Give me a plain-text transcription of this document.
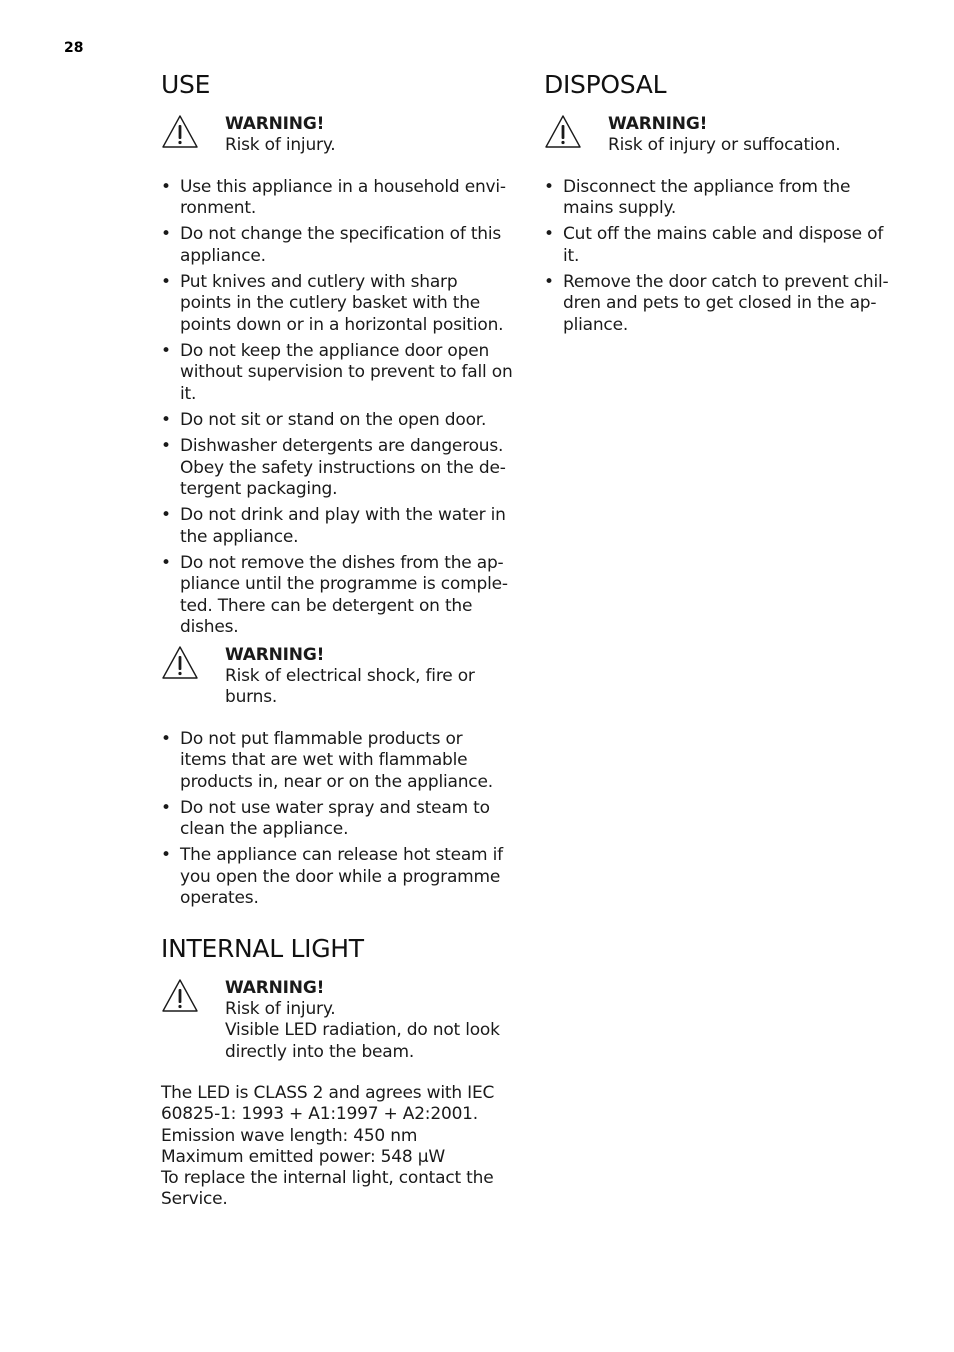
28
USE
WARNING!
Risk of injury.
• Use this appliance in a household envi-ronment.
• Do not change the specification of this appliance.
• Put knives and cutlery with sharp points in the cutlery basket with the points down or in a horizontal position.
• Do not keep the appliance door open without supervision to prevent to fall on it.
• Do not sit or stand on the open door.
• Dishwasher detergents are dangerous. Obey the safety instructions on the de-tergent packaging.
• Do not drink and play with the water in the appliance.
• Do not remove the dishes from the ap-pliance until the programme is comple-ted. There can be detergent on the dishes.
WARNING!
Risk of electrical shock, fire or burns.
• Do not put flammable products or items that are wet with flammable products in, near or on the appliance.
• Do not use water spray and steam to clean the appliance.
• The appliance can release hot steam if you open the door while a programme operates.
INTERNAL LIGHT
WARNING!
Risk of injury.
Visible LED radiation, do not look directly into the beam.
The LED is CLASS 2 and agrees with IEC 60825-1: 1993 + A1:1997 + A2:2001.
Emission wave length: 450 nm
Maximum emitted power: 548 µW
To replace the internal light, contact the Service.
DISPOSAL
WARNING!
Risk of injury or suffocation.
• Disconnect the appliance from the mains supply.
• Cut off the mains cable and dispose of it.
• Remove the door catch to prevent chil-dren and pets to get closed in the ap-pliance.
